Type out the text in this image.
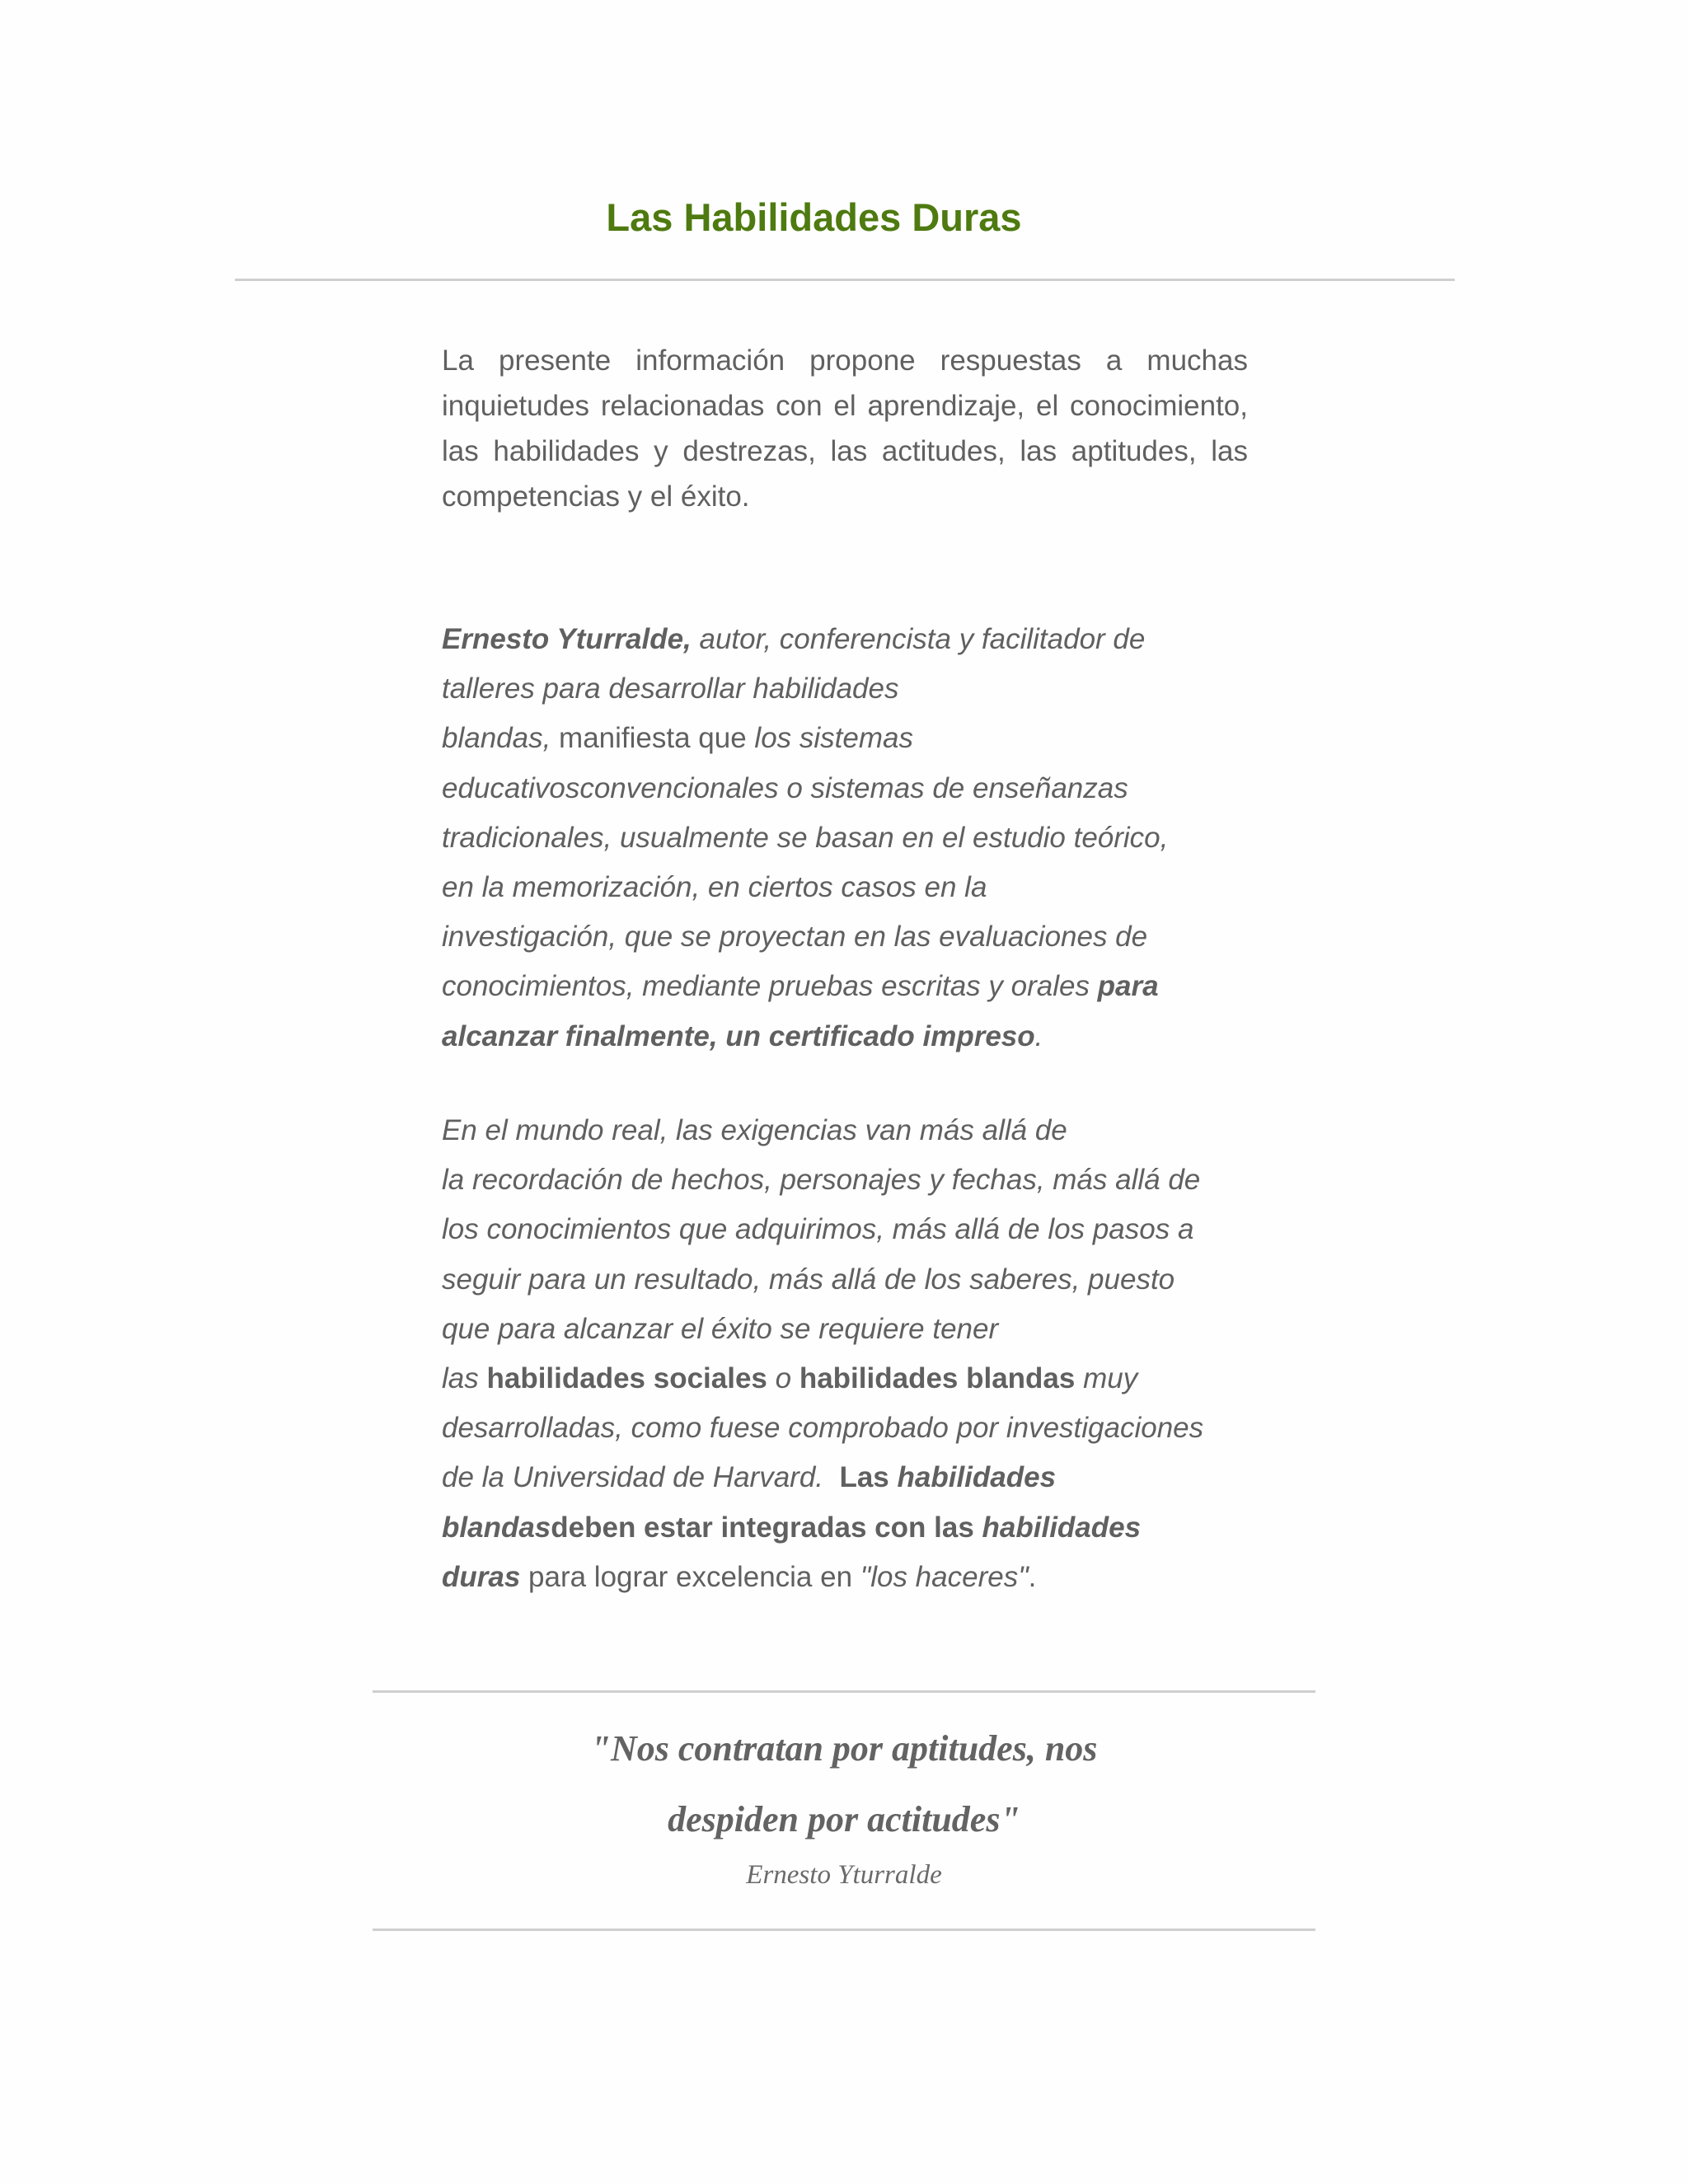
Las Habilidades Duras

La presente información propone respuestas a muchas inquietudes relacionadas con el aprendizaje, el conocimiento, las habilidades y destrezas, las actitudes, las aptitudes, las competencias y el éxito.

Ernesto Yturralde, autor, conferencista y facilitador de
talleres para desarrollar habilidades
blandas, manifiesta que los sistemas
educativosconvencionales o sistemas de enseñanzas
tradicionales, usualmente se basan en el estudio teórico,
en la memorización, en ciertos casos en la
investigación, que se proyectan en las evaluaciones de
conocimientos, mediante pruebas escritas y orales para
alcanzar finalmente, un certificado impreso.

En el mundo real, las exigencias van más allá de
la recordación de hechos, personajes y fechas, más allá de
los conocimientos que adquirimos, más allá de los pasos a
seguir para un resultado, más allá de los saberes, puesto
que para alcanzar el éxito se requiere tener
las habilidades sociales o habilidades blandas muy
desarrolladas, como fuese comprobado por investigaciones
de la Universidad de Harvard.  Las habilidades
blandasdeben estar integradas con las habilidades
duras para lograr excelencia en "los haceres".

"Nos contratan por aptitudes, nos

despiden por actitudes"

Ernesto Yturralde
